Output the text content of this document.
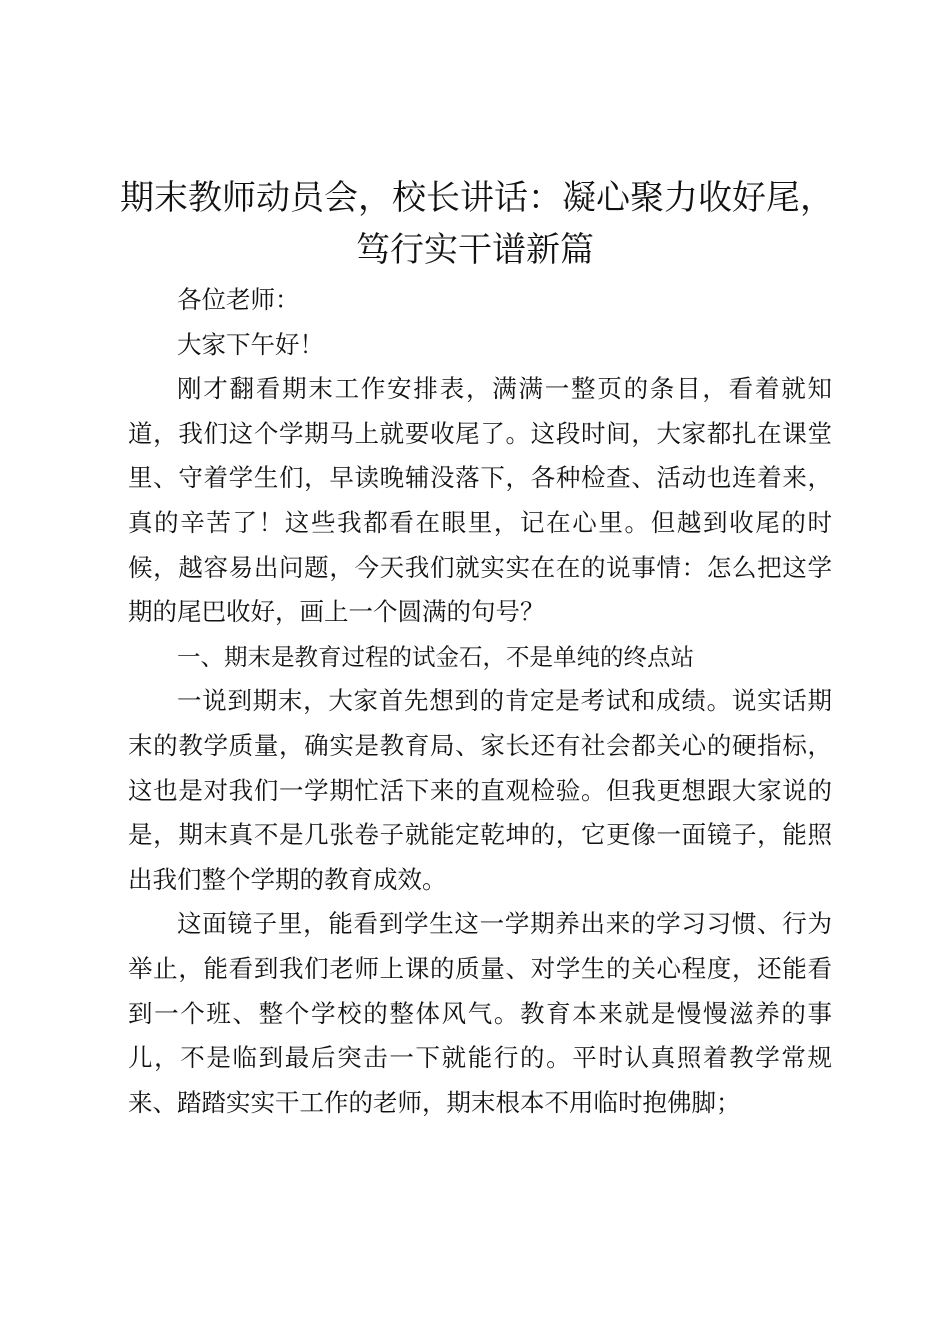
期末教师动员会，校长讲话：凝心聚力收好尾，
笃行实干谱新篇

各位老师：

大家下午好！

刚才翻看期末工作安排表，满满一整页的条目，看着就知道，我们这个学期马上就要收尾了。这段时间，大家都扎在课堂里、守着学生们，早读晚辅没落下，各种检查、活动也连着来，真的辛苦了！这些我都看在眼里，记在心里。但越到收尾的时候，越容易出问题，今天我们就实实在在的说事情：怎么把这学期的尾巴收好，画上一个圆满的句号？

一、期末是教育过程的试金石，不是单纯的终点站

一说到期末，大家首先想到的肯定是考试和成绩。说实话期末的教学质量，确实是教育局、家长还有社会都关心的硬指标，这也是对我们一学期忙活下来的直观检验。但我更想跟大家说的是，期末真不是几张卷子就能定乾坤的，它更像一面镜子，能照出我们整个学期的教育成效。

这面镜子里，能看到学生这一学期养出来的学习习惯、行为举止，能看到我们老师上课的质量、对学生的关心程度，还能看到一个班、整个学校的整体风气。教育本来就是慢慢滋养的事儿，不是临到最后突击一下就能行的。平时认真照着教学常规来、踏踏实实干工作的老师，期末根本不用临时抱佛脚；
